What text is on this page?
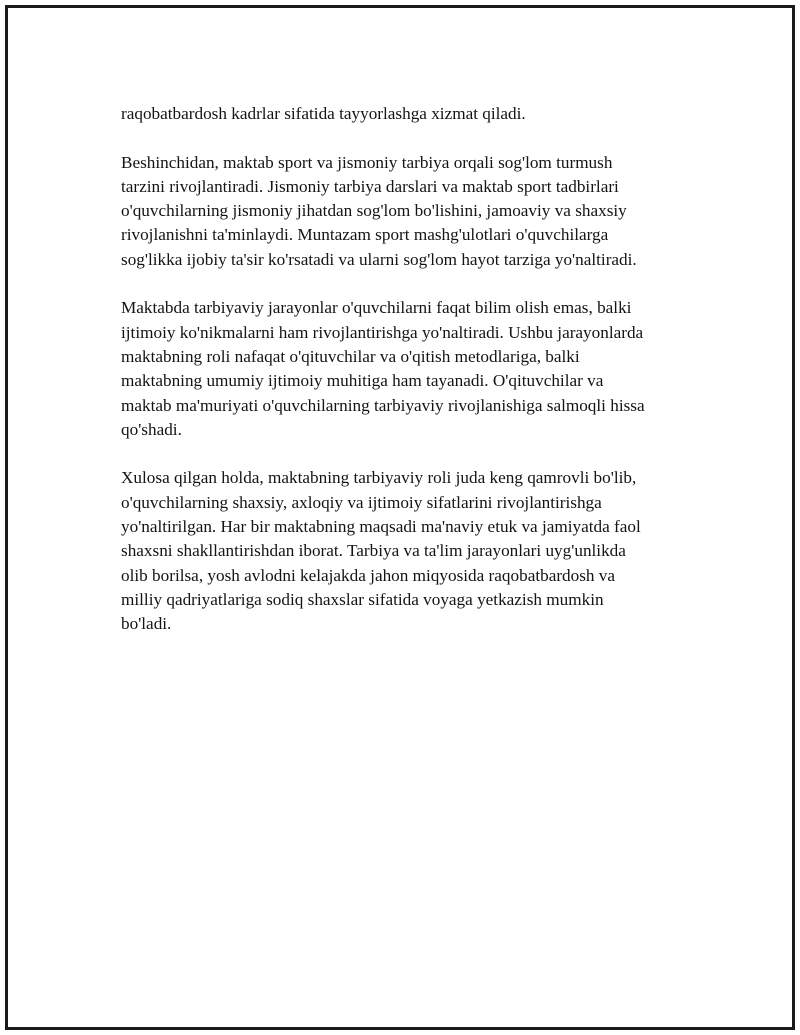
raqobatbardosh kadrlar sifatida tayyorlashga xizmat qiladi.

Beshinchidan, maktab sport va jismoniy tarbiya orqali sog'lom turmush
tarzini rivojlantiradi. Jismoniy tarbiya darslari va maktab sport tadbirlari
o'quvchilarning jismoniy jihatdan sog'lom bo'lishini, jamoaviy va shaxsiy
rivojlanishni ta'minlaydi. Muntazam sport mashg'ulotlari o'quvchilarga
sog'likka ijobiy ta'sir ko'rsatadi va ularni sog'lom hayot tarziga yo'naltiradi.

Maktabda tarbiyaviy jarayonlar o'quvchilarni faqat bilim olish emas, balki
ijtimoiy ko'nikmalarni ham rivojlantirishga yo'naltiradi. Ushbu jarayonlarda
maktabning roli nafaqat o'qituvchilar va o'qitish metodlariga, balki
maktabning umumiy ijtimoiy muhitiga ham tayanadi. O'qituvchilar va
maktab ma'muriyati o'quvchilarning tarbiyaviy rivojlanishiga salmoqli hissa
qo'shadi.

Xulosa qilgan holda, maktabning tarbiyaviy roli juda keng qamrovli bo'lib,
o'quvchilarning shaxsiy, axloqiy va ijtimoiy sifatlarini rivojlantirishga
yo'naltirilgan. Har bir maktabning maqsadi ma'naviy etuk va jamiyatda faol
shaxsni shakllantirishdan iborat. Tarbiya va ta'lim jarayonlari uyg'unlikda
olib borilsa, yosh avlodni kelajakda jahon miqyosida raqobatbardosh va
milliy qadriyatlariga sodiq shaxslar sifatida voyaga yetkazish mumkin
bo'ladi.
